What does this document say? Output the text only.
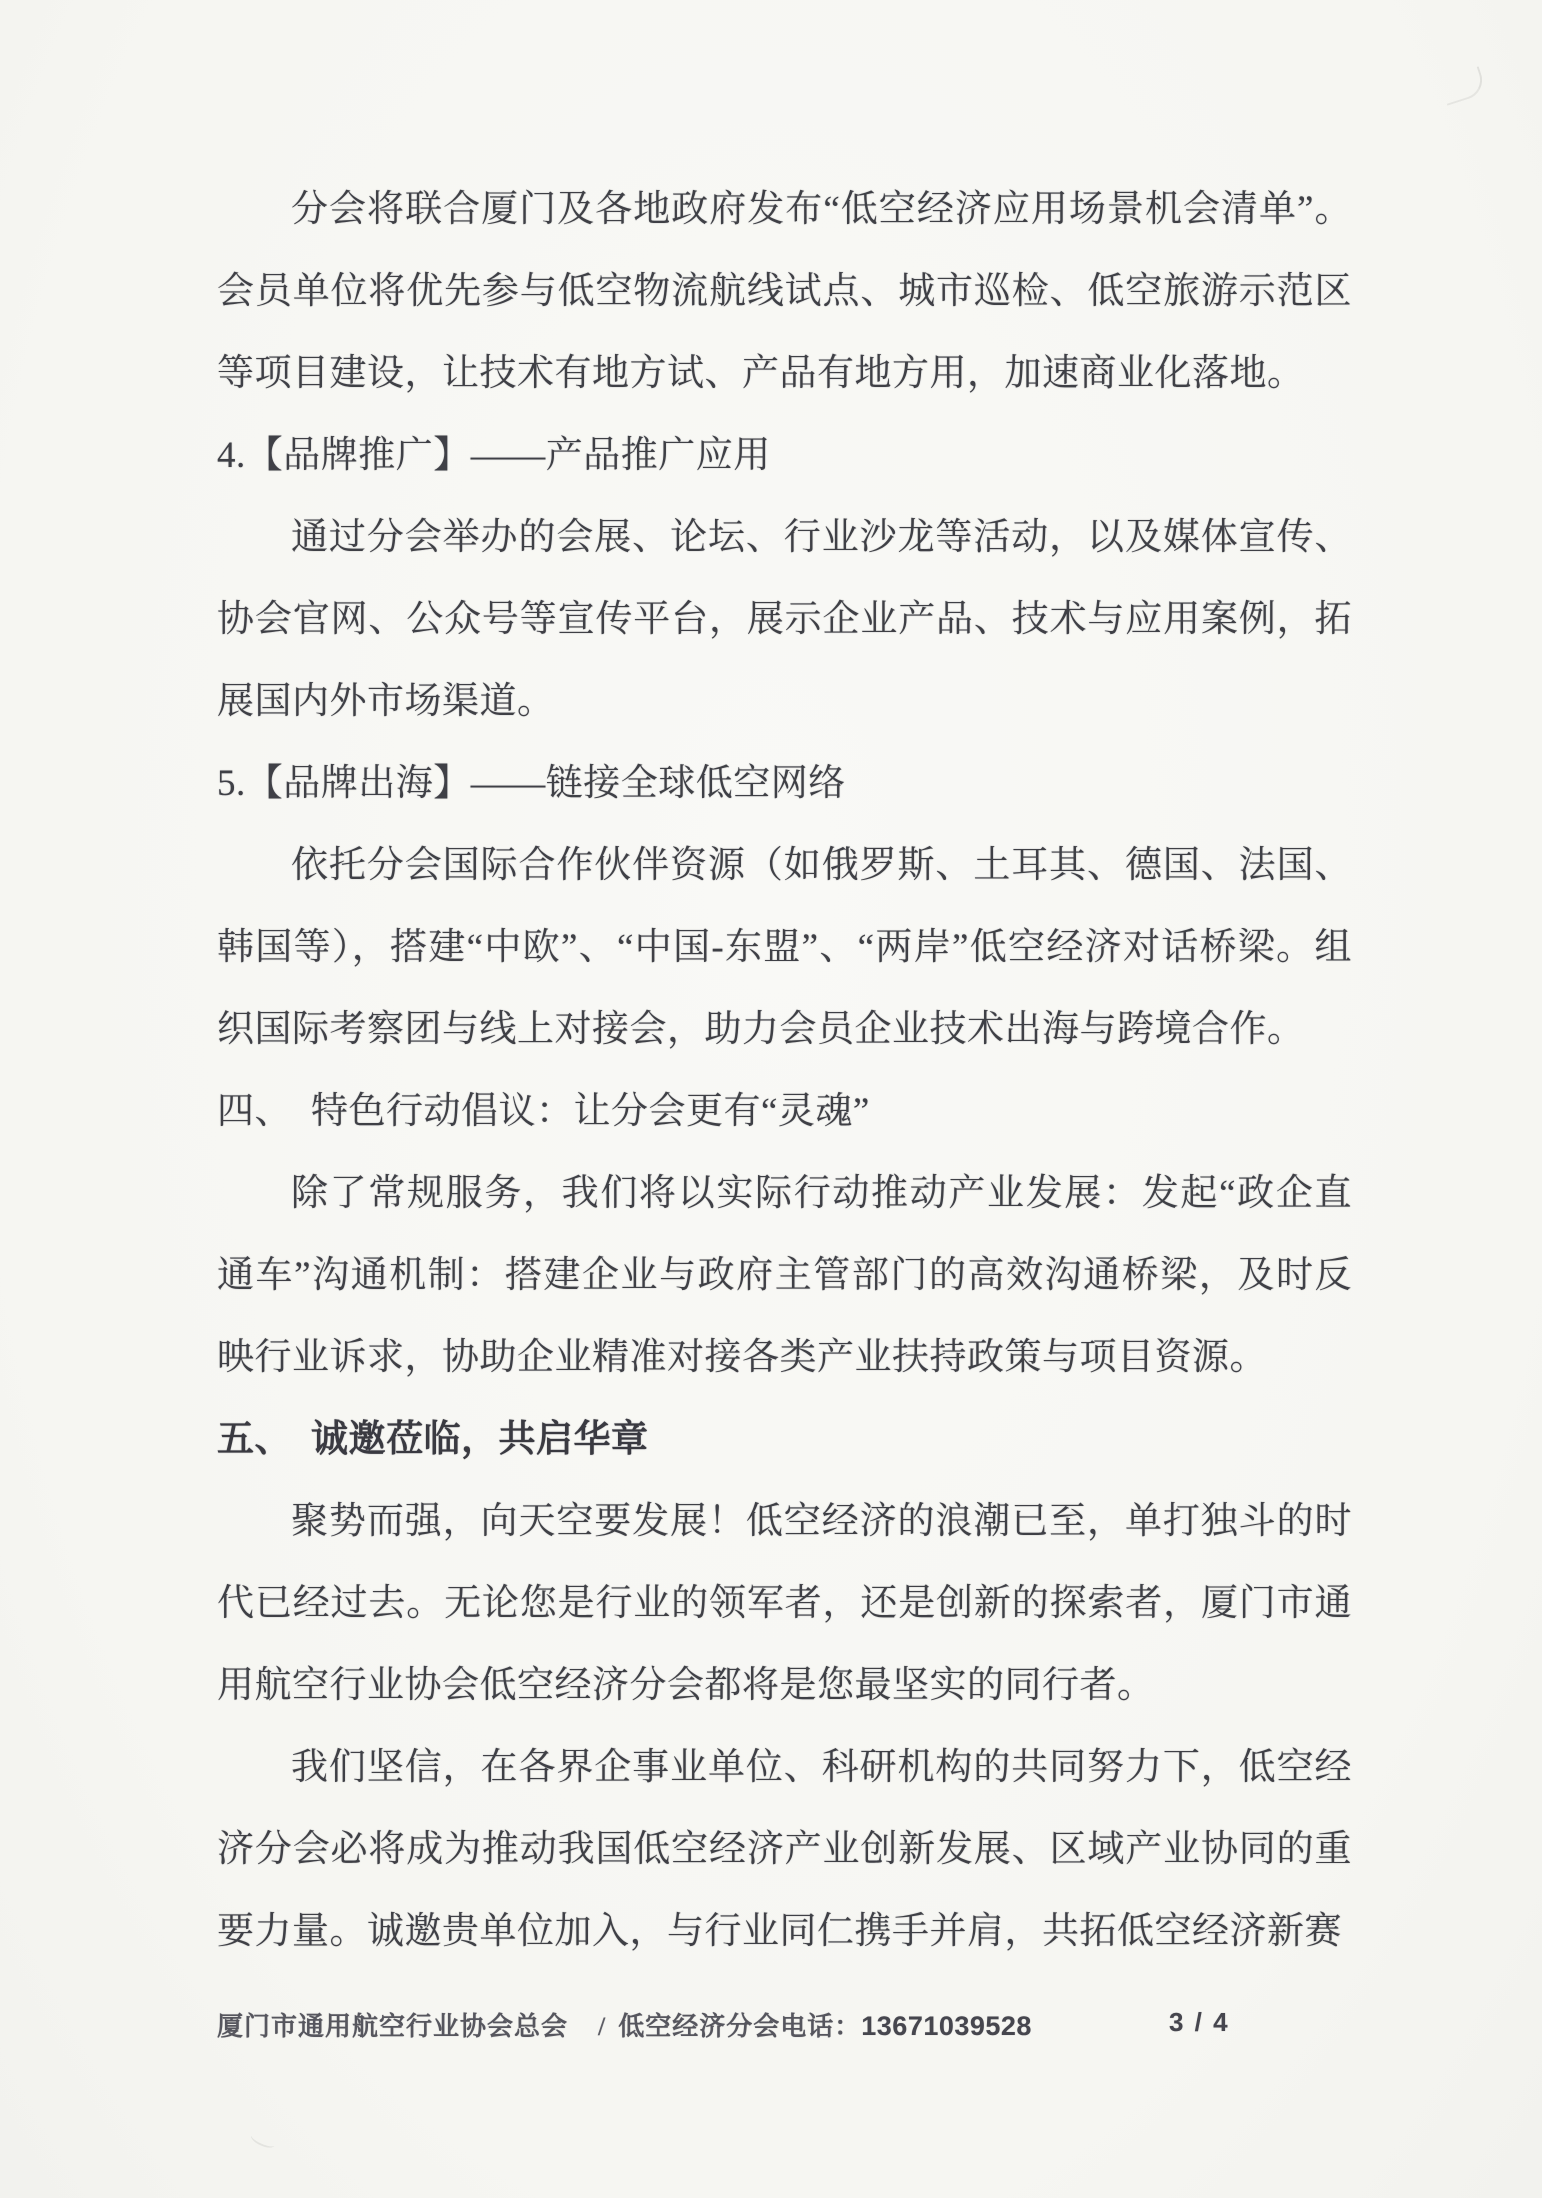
分会将联合厦门及各地政府发布“低空经济应用场景机会清单”。会员单位将优先参与低空物流航线试点、城市巡检、低空旅游示范区等项目建设，让技术有地方试、产品有地方用，加速商业化落地。

4.【品牌推广】——产品推广应用

通过分会举办的会展、论坛、行业沙龙等活动，以及媒体宣传、协会官网、公众号等宣传平台，展示企业产品、技术与应用案例，拓展国内外市场渠道。

5.【品牌出海】——链接全球低空网络

依托分会国际合作伙伴资源（如俄罗斯、土耳其、德国、法国、韩国等），搭建“中欧”、“中国-东盟”、“两岸”低空经济对话桥梁。组织国际考察团与线上对接会，助力会员企业技术出海与跨境合作。

四、　特色行动倡议：让分会更有“灵魂”

除了常规服务，我们将以实际行动推动产业发展：发起“政企直通车”沟通机制：搭建企业与政府主管部门的高效沟通桥梁，及时反映行业诉求，协助企业精准对接各类产业扶持政策与项目资源。

五、　诚邀莅临，共启华章

聚势而强，向天空要发展！低空经济的浪潮已至，单打独斗的时代已经过去。无论您是行业的领军者，还是创新的探索者，厦门市通用航空行业协会低空经济分会都将是您最坚实的同行者。

我们坚信，在各界企事业单位、科研机构的共同努力下，低空经济分会必将成为推动我国低空经济产业创新发展、区域产业协同的重要力量。诚邀贵单位加入，与行业同仁携手并肩，共拓低空经济新赛

厦门市通用航空行业协会总会 / 低空经济分会电话：13671039528	3 / 4
